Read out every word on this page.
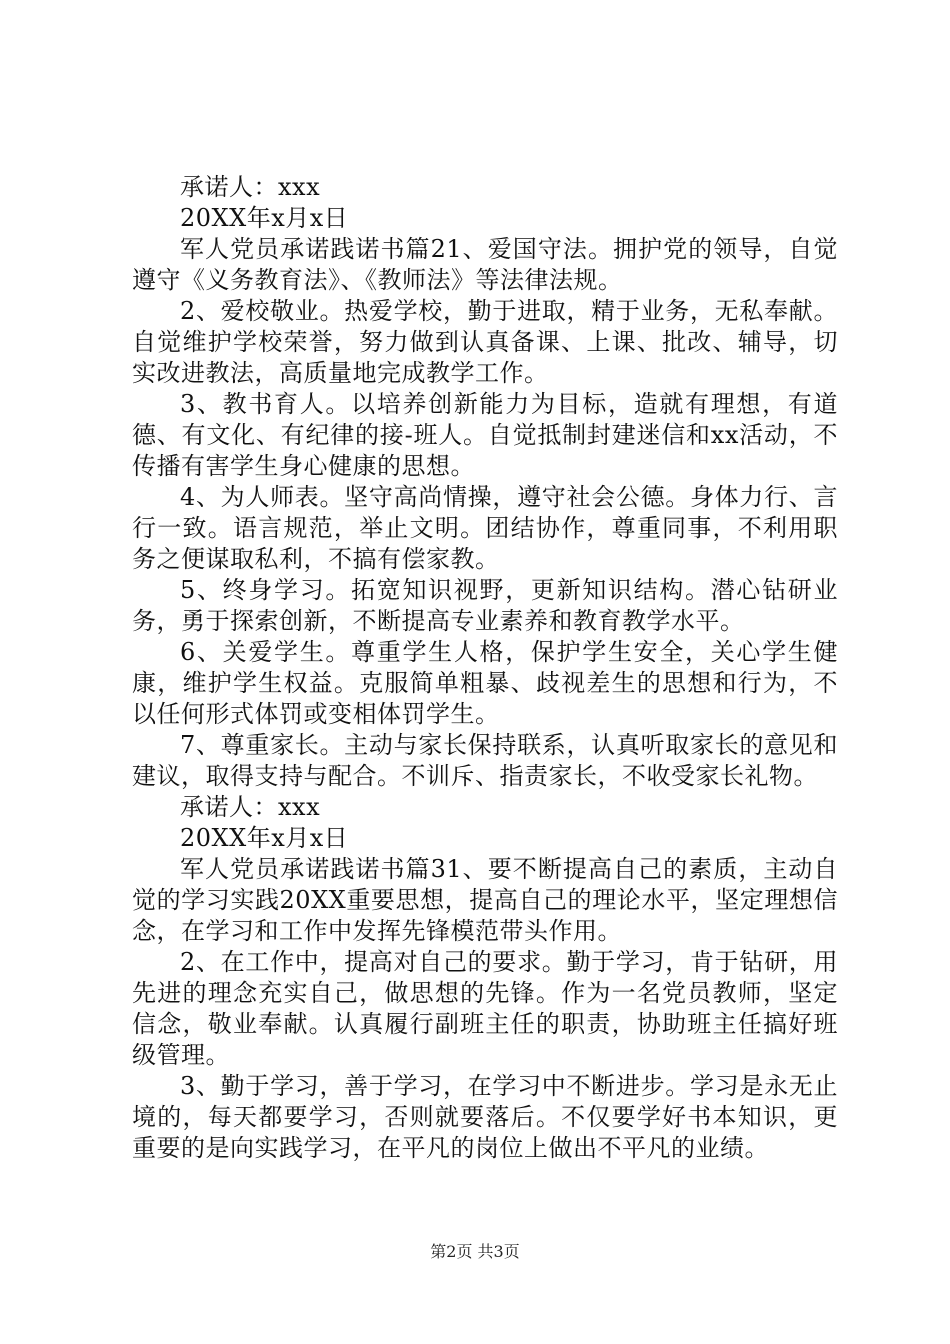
承诺人：xxx

20XX年x月x日

军人党员承诺践诺书篇21、爱国守法。拥护党的领导，自觉遵守《义务教育法》、《教师法》等法律法规。

2、爱校敬业。热爱学校，勤于进取，精于业务，无私奉献。自觉维护学校荣誉，努力做到认真备课、上课、批改、辅导，切实改进教法，高质量地完成教学工作。

3、教书育人。以培养创新能力为目标，造就有理想，有道德、有文化、有纪律的接-班人。自觉抵制封建迷信和xx活动，不传播有害学生身心健康的思想。

4、为人师表。坚守高尚情操，遵守社会公德。身体力行、言行一致。语言规范，举止文明。团结协作，尊重同事，不利用职务之便谋取私利，不搞有偿家教。

5、终身学习。拓宽知识视野，更新知识结构。潜心钻研业务，勇于探索创新，不断提高专业素养和教育教学水平。

6、关爱学生。尊重学生人格，保护学生安全，关心学生健康，维护学生权益。克服简单粗暴、歧视差生的思想和行为，不以任何形式体罚或变相体罚学生。

7、尊重家长。主动与家长保持联系，认真听取家长的意见和建议，取得支持与配合。不训斥、指责家长，不收受家长礼物。

承诺人：xxx

20XX年x月x日

军人党员承诺践诺书篇31、要不断提高自己的素质，主动自觉的学习实践20XX重要思想，提高自己的理论水平，坚定理想信念，在学习和工作中发挥先锋模范带头作用。

2、在工作中，提高对自己的要求。勤于学习，肯于钻研，用先进的理念充实自己，做思想的先锋。作为一名党员教师，坚定信念，敬业奉献。认真履行副班主任的职责，协助班主任搞好班级管理。

3、勤于学习，善于学习，在学习中不断进步。学习是永无止境的，每天都要学习，否则就要落后。不仅要学好书本知识，更重要的是向实践学习，在平凡的岗位上做出不平凡的业绩。

第2页 共3页
